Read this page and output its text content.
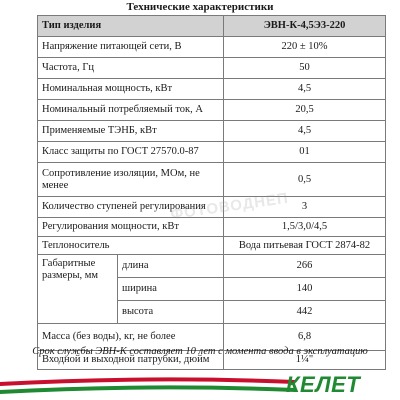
Технические характеристики
Тип изделия		ЭВН-К-4,5Э3-220
Напряжение питающей сети, В		220 ± 10%
Частота, Гц		50
Номинальная мощность, кВт		4,5
Номинальный потребляемый ток, А		20,5
Применяемые ТЭНБ, кВт		4,5
Класс защиты по ГОСТ 27570.0-87		01
Сопротивление изоляции, МОм, не менее		0,5
Количество ступеней регулирования		3
Регулирования мощности, кВт		1,5/3,0/4,5
Теплоноситель		Вода питьевая ГОСТ 2874-82
Габаритные размеры, мм	длина	266
	ширина	140
	высота	442
Масса (без воды), кг, не более		6,8
Входной и выходной патрубки, дюйм		1¼"
ФОТОВОДНЕП
Срок службы ЭВН-К составляет 10 лет с момента ввода в эксплуатацию
КЕЛЕТ
